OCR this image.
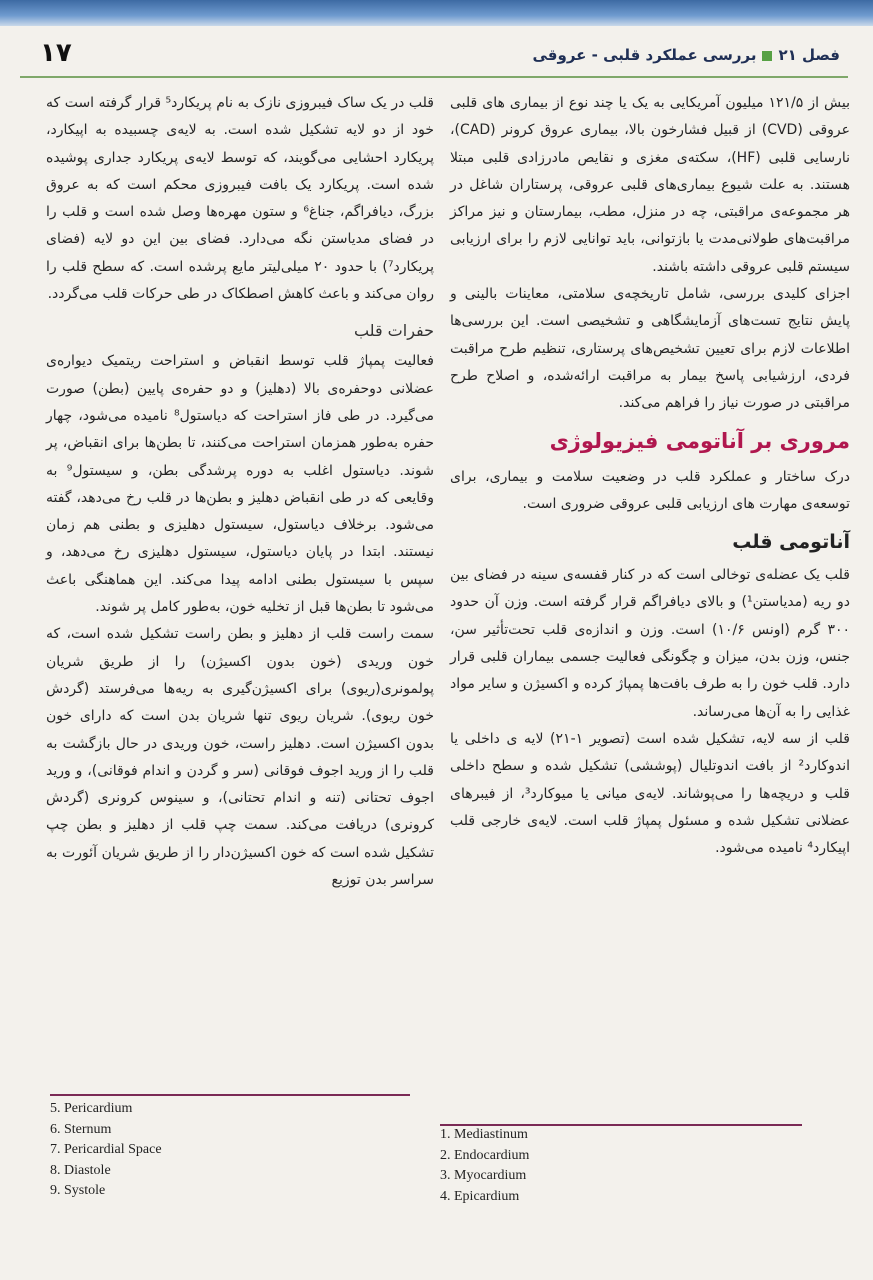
فصل ۲۱بررسی عملکرد قلبی - عروقی
۱۷

بیش از ۱۲۱/۵ میلیون آمریکایی به یک یا چند نوع از بیماری های قلبی عروقی (CVD) از قبیل فشارخون بالا، بیماری عروق کرونر (CAD)، نارسایی قلبی (HF)، سکته‌ی مغزی و نقایص مادرزادی قلبی مبتلا هستند. به علت شیوع بیماری‌های قلبی عروقی، پرستاران شاغل در هر مجموعه‌ی مراقبتی، چه در منزل، مطب، بیمارستان و نیز مراکز مراقبت‌های طولانی‌مدت یا بازتوانی، باید توانایی لازم را برای ارزیابی سیستم قلبی عروقی داشته باشند.

اجزای کلیدی بررسی، شامل تاریخچه‌ی سلامتی، معاینات بالینی و پایش نتایج تست‌های آزمایشگاهی و تشخیصی است. این بررسی‌ها اطلاعات لازم برای تعیین تشخیص‌های پرستاری، تنظیم طرح مراقبت فردی، ارزشیابی پاسخ بیمار به مراقبت ارائه‌شده، و اصلاح طرح مراقبتی در صورت نیاز را فراهم می‌کند.

مروری بر آناتومی فیزیولوژی

درک ساختار و عملکرد قلب در وضعیت سلامت و بیماری، برای توسعه‌ی مهارت های ارزیابی قلبی عروقی ضروری است.

آناتومی قلب

قلب یک عضله‌ی توخالی است که در کنار قفسه‌ی سینه در فضای بین دو ریه (مدیاستن¹) و بالای دیافراگم قرار گرفته است. وزن آن حدود ۳۰۰ گرم (اونس ۱۰/۶) است. وزن و اندازه‌ی قلب تحت‌تأثیر سن، جنس، وزن بدن، میزان و چگونگی فعالیت جسمی بیماران قلبی قرار دارد. قلب خون را به طرف بافت‌ها پمپاژ کرده و اکسیژن و سایر مواد غذایی را به آن‌ها می‌رساند.

قلب از سه لایه، تشکیل شده است (تصویر ۱-۲۱) لایه ی داخلی یا اندوکارد² از بافت اندوتلیال (پوششی) تشکیل شده و سطح داخلی قلب و دریچه‌ها را می‌پوشاند. لایه‌ی میانی یا میوکارد³، از فیبرهای عضلانی تشکیل شده و مسئول پمپاژ قلب است. لایه‌ی خارجی قلب اپیکارد⁴ نامیده می‌شود.

قلب در یک ساک فیبروزی نازک به نام پریکارد⁵ قرار گرفته است که خود از دو لایه تشکیل شده است. به لایه‌ی چسبیده به اپیکارد، پریکارد احشایی می‌گویند، که توسط لایه‌ی پریکارد جداری پوشیده شده است. پریکارد یک بافت فیبروزی محکم است که به عروق بزرگ، دیافراگم، جناغ⁶ و ستون مهره‌ها وصل شده است و قلب را در فضای مدیاستن نگه می‌دارد. فضای بین این دو لایه (فضای پریکارد⁷) با حدود ۲۰ میلی‌لیتر مایع پرشده است. که سطح قلب را روان می‌کند و باعث کاهش اصطکاک در طی حرکات قلب می‌گردد.

حفرات قلب

فعالیت پمپاژ قلب توسط انقباض و استراحت ریتمیک دیواره‌ی عضلانی دوحفره‌ی بالا (دهلیز) و دو حفره‌ی پایین (بطن) صورت می‌گیرد. در طی فاز استراحت که دیاستول⁸ نامیده می‌شود، چهار حفره به‌طور همزمان استراحت می‌کنند، تا بطن‌ها برای انقباض، پر شوند. دیاستول اغلب به دوره پرشدگی بطن، و سیستول⁹ به وقایعی که در طی انقباض دهلیز و بطن‌ها در قلب رخ می‌دهد، گفته می‌شود. برخلاف دیاستول، سیستول دهلیزی و بطنی هم زمان نیستند. ابتدا در پایان دیاستول، سیستول دهلیزی رخ می‌دهد، و سپس با سیستول بطنی ادامه پیدا می‌کند. این هماهنگی باعث می‌شود تا بطن‌ها قبل از تخلیه خون، به‌طور کامل پر شوند.

سمت راست قلب از دهلیز و بطن راست تشکیل شده است، که خون وریدی (خون بدون اکسیژن) را از طریق شریان پولمونری(ریوی) برای اکسیژن‌گیری به ریه‌ها می‌فرستد (گردش خون ریوی). شریان ریوی تنها شریان بدن است که دارای خون بدون اکسیژن است. دهلیز راست، خون وریدی در حال بازگشت به قلب را از ورید اجوف فوقانی (سر و گردن و اندام فوقانی)، و ورید اجوف تحتانی (تنه و اندام تحتانی)، و سینوس کرونری (گردش کرونری) دریافت می‌کند. سمت چپ قلب از دهلیز و بطن چپ تشکیل شده است که خون اکسیژن‌دار را از طریق شریان آئورت به سراسر بدن توزیع

5. Pericardium
6. Sternum
7. Pericardial Space
8. Diastole
9. Systole
1. Mediastinum
2. Endocardium
3. Myocardium
4. Epicardium
